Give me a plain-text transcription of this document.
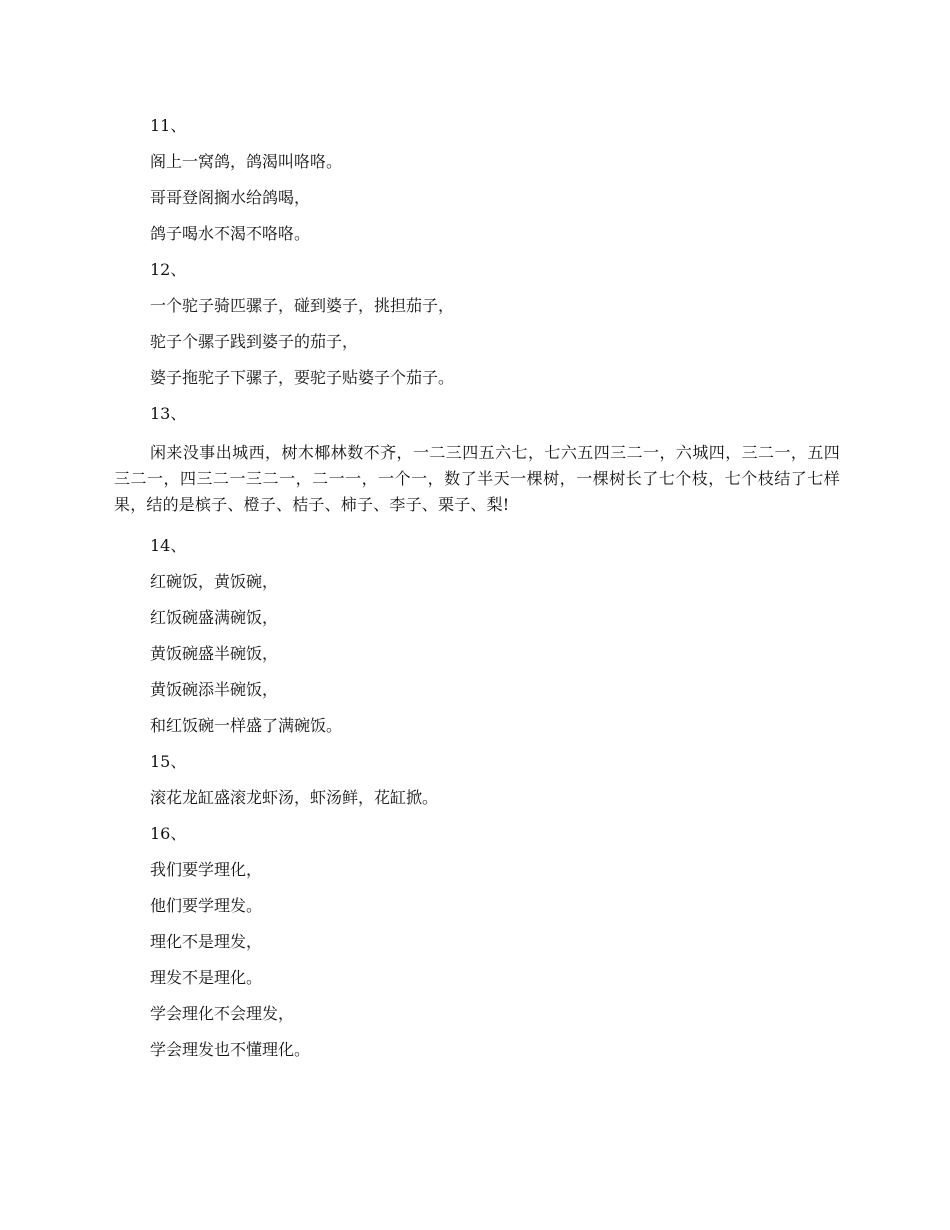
11、
阁上一窝鸽，鸽渴叫咯咯。
哥哥登阁搁水给鸽喝，
鸽子喝水不渴不咯咯。
12、
一个驼子骑匹骡子，碰到婆子，挑担茄子，
驼子个骡子践到婆子的茄子，
婆子拖驼子下骡子，要驼子贴婆子个茄子。
13、
闲来没事出城西，树木椰林数不齐，一二三四五六七，七六五四三二一，六城四，三二一，五四三二一，四三二一三二一，二一一，一个一，数了半天一棵树，一棵树长了七个枝，七个枝结了七样果，结的是槟子、橙子、桔子、柿子、李子、栗子、梨!
14、
红碗饭，黄饭碗，
红饭碗盛满碗饭，
黄饭碗盛半碗饭，
黄饭碗添半碗饭，
和红饭碗一样盛了满碗饭。
15、
滚花龙缸盛滚龙虾汤，虾汤鲜，花缸掀。
16、
我们要学理化，
他们要学理发。
理化不是理发，
理发不是理化。
学会理化不会理发，
学会理发也不懂理化。
